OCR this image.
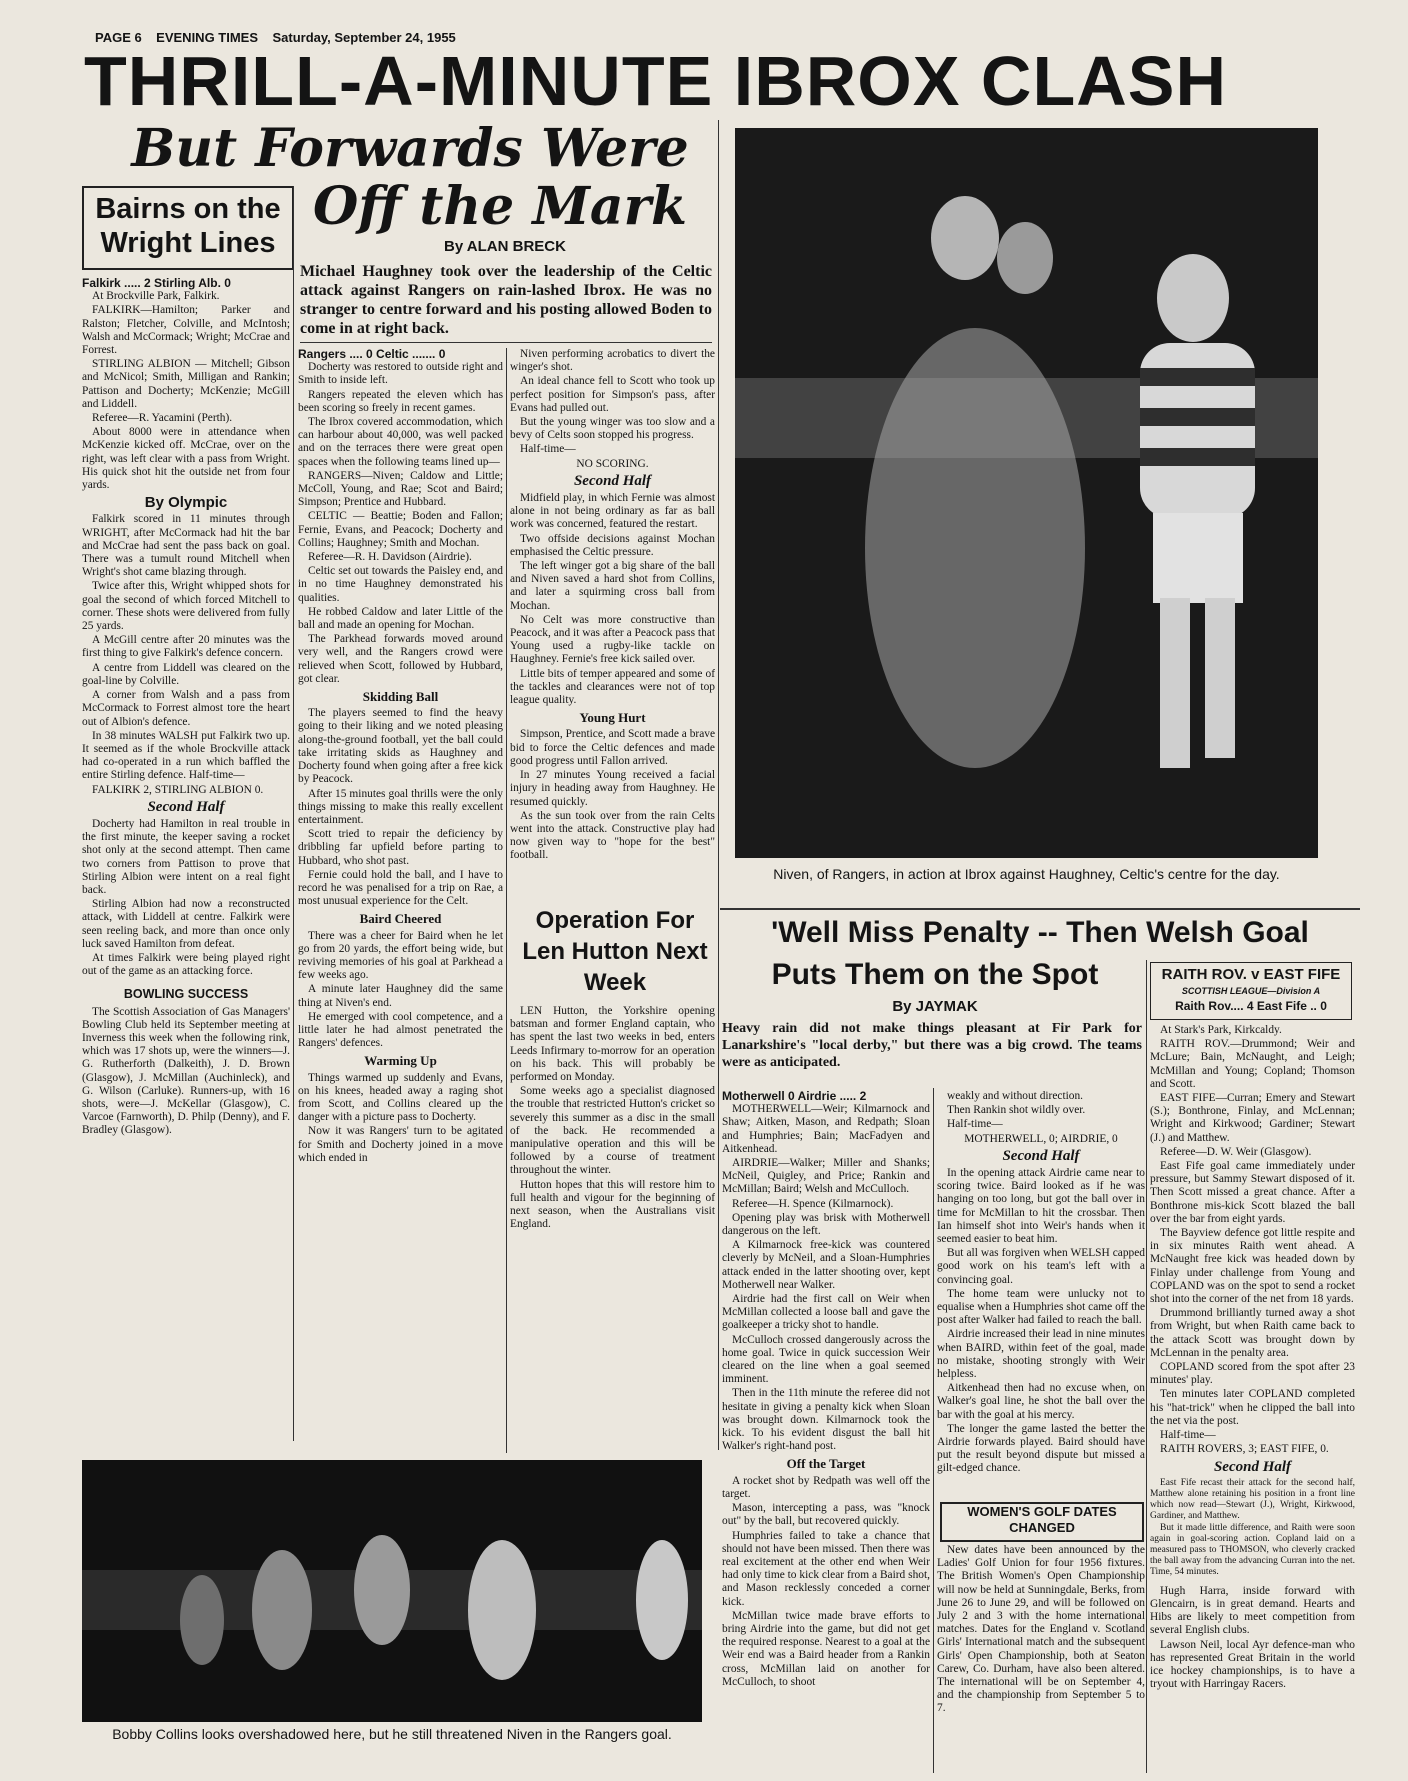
PAGE 6 EVENING TIMES Saturday, September 24, 1955
THRILL-A-MINUTE IBROX CLASH
But Forwards Were
Off the Mark
Bairns on the
Wright Lines
Falkirk ..... 2 Stirling Alb. 0

At Brockville Park, Falkirk.

FALKIRK—Hamilton; Parker and Ralston; Fletcher, Colville, and McIntosh; Walsh and McCormack; Wright; McCrae and Forrest.

STIRLING ALBION — Mitchell; Gibson and McNicol; Smith, Milligan and Rankin; Pattison and Docherty; McKenzie; McGill and Liddell.

Referee—R. Yacamini (Perth).

About 8000 were in attendance when McKenzie kicked off. McCrae, over on the right, was left clear with a pass from Wright. His quick shot hit the outside net from four yards.

By Olympic

Falkirk scored in 11 minutes through WRIGHT, after McCormack had hit the bar and McCrae had sent the pass back on goal. There was a tumult round Mitchell when Wright's shot came blazing through.

Twice after this, Wright whipped shots for goal the second of which forced Mitchell to corner. These shots were delivered from fully 25 yards.

A McGill centre after 20 minutes was the first thing to give Falkirk's defence concern.

A centre from Liddell was cleared on the goal-line by Colville.

A corner from Walsh and a pass from McCormack to Forrest almost tore the heart out of Albion's defence.

In 38 minutes WALSH put Falkirk two up. It seemed as if the whole Brockville attack had co-operated in a run which baffled the entire Stirling defence. Half-time—

FALKIRK 2, STIRLING ALBION 0.

Second Half

Docherty had Hamilton in real trouble in the first minute, the keeper saving a rocket shot only at the second attempt. Then came two corners from Pattison to prove that Stirling Albion were intent on a real fight back.

Stirling Albion had now a reconstructed attack, with Liddell at centre. Falkirk were seen reeling back, and more than once only luck saved Hamilton from defeat.

At times Falkirk were being played right out of the game as an attacking force.

BOWLING SUCCESS

The Scottish Association of Gas Managers' Bowling Club held its September meeting at Inverness this week when the following rink, which was 17 shots up, were the winners—J. G. Rutherforth (Dalkeith), J. D. Brown (Glasgow), J. McMillan (Auchinleck), and G. Wilson (Carluke). Runners-up, with 16 shots, were—J. McKellar (Glasgow), C. Varcoe (Farnworth), D. Philp (Denny), and F. Bradley (Glasgow).

By ALAN BRECK
Michael Haughney took over the leadership of the Celtic attack against Rangers on rain-lashed Ibrox. He was no stranger to centre forward and his posting allowed Boden to come in at right back.
Rangers .... 0 Celtic ....... 0

Docherty was restored to outside right and Smith to inside left.

Rangers repeated the eleven which has been scoring so freely in recent games.

The Ibrox covered accommodation, which can harbour about 40,000, was well packed and on the terraces there were great open spaces when the following teams lined up—

RANGERS—Niven; Caldow and Little; McColl, Young, and Rae; Scot and Baird; Simpson; Prentice and Hubbard.

CELTIC — Beattie; Boden and Fallon; Fernie, Evans, and Peacock; Docherty and Collins; Haughney; Smith and Mochan.

Referee—R. H. Davidson (Airdrie).

Celtic set out towards the Paisley end, and in no time Haughney demonstrated his qualities.

He robbed Caldow and later Little of the ball and made an opening for Mochan.

The Parkhead forwards moved around very well, and the Rangers crowd were relieved when Scott, followed by Hubbard, got clear.

Skidding Ball

The players seemed to find the heavy going to their liking and we noted pleasing along-the-ground football, yet the ball could take irritating skids as Haughney and Docherty found when going after a free kick by Peacock.

After 15 minutes goal thrills were the only things missing to make this really excellent entertainment.

Scott tried to repair the deficiency by dribbling far upfield before parting to Hubbard, who shot past.

Fernie could hold the ball, and I have to record he was penalised for a trip on Rae, a most unusual experience for the Celt.

Baird Cheered

There was a cheer for Baird when he let go from 20 yards, the effort being wide, but reviving memories of his goal at Parkhead a few weeks ago.

A minute later Haughney did the same thing at Niven's end.

He emerged with cool competence, and a little later he had almost penetrated the Rangers' defences.

Warming Up

Things warmed up suddenly and Evans, on his knees, headed away a raging shot from Scott, and Collins cleared up the danger with a picture pass to Docherty.

Now it was Rangers' turn to be agitated for Smith and Docherty joined in a move which ended in

Niven performing acrobatics to divert the winger's shot.

An ideal chance fell to Scott who took up perfect position for Simpson's pass, after Evans had pulled out.

But the young winger was too slow and a bevy of Celts soon stopped his progress.

Half-time—

NO SCORING.

Second Half

Midfield play, in which Fernie was almost alone in not being ordinary as far as ball work was concerned, featured the restart.

Two offside decisions against Mochan emphasised the Celtic pressure.

The left winger got a big share of the ball and Niven saved a hard shot from Collins, and later a squirming cross ball from Mochan.

No Celt was more constructive than Peacock, and it was after a Peacock pass that Young used a rugby-like tackle on Haughney. Fernie's free kick sailed over.

Little bits of temper appeared and some of the tackles and clearances were not of top league quality.

Young Hurt

Simpson, Prentice, and Scott made a brave bid to force the Celtic defences and made good progress until Fallon arrived.

In 27 minutes Young received a facial injury in heading away from Haughney. He resumed quickly.

As the sun took over from the rain Celts went into the attack. Constructive play had now given way to "hope for the best" football.

Niven, of Rangers, in action at Ibrox against Haughney, Celtic's centre for the day.
Operation For Len Hutton Next Week

LEN Hutton, the Yorkshire opening batsman and former England captain, who has spent the last two weeks in bed, enters Leeds Infirmary to-morrow for an operation on his back. This will probably be performed on Monday.

Some weeks ago a specialist diagnosed the trouble that restricted Hutton's cricket so severely this summer as a disc in the small of the back. He recommended a manipulative operation and this will be followed by a course of treatment throughout the winter.

Hutton hopes that this will restore him to full health and vigour for the beginning of next season, when the Australians visit England.

'Well Miss Penalty -- Then Welsh Goal
Puts Them on the Spot
By JAYMAK
Heavy rain did not make things pleasant at Fir Park for Lanarkshire's "local derby," but there was a big crowd. The teams were as anticipated.
Motherwell 0 Airdrie ..... 2

MOTHERWELL—Weir; Kilmarnock and Shaw; Aitken, Mason, and Redpath; Sloan and Humphries; Bain; MacFadyen and Aitkenhead.

AIRDRIE—Walker; Miller and Shanks; McNeil, Quigley, and Price; Rankin and McMillan; Baird; Welsh and McCulloch.

Referee—H. Spence (Kilmarnock).

Opening play was brisk with Motherwell dangerous on the left.

A Kilmarnock free-kick was countered cleverly by McNeil, and a Sloan-Humphries attack ended in the latter shooting over, kept Motherwell near Walker.

Airdrie had the first call on Weir when McMillan collected a loose ball and gave the goalkeeper a tricky shot to handle.

McCulloch crossed dangerously across the home goal. Twice in quick succession Weir cleared on the line when a goal seemed imminent.

Then in the 11th minute the referee did not hesitate in giving a penalty kick when Sloan was brought down. Kilmarnock took the kick. To his evident disgust the ball hit Walker's right-hand post.

Off the Target

A rocket shot by Redpath was well off the target.

Mason, intercepting a pass, was "knock out" by the ball, but recovered quickly.

Humphries failed to take a chance that should not have been missed. Then there was real excitement at the other end when Weir had only time to kick clear from a Baird shot, and Mason recklessly conceded a corner kick.

McMillan twice made brave efforts to bring Airdrie into the game, but did not get the required response. Nearest to a goal at the Weir end was a Baird header from a Rankin cross, McMillan laid on another for McCulloch, to shoot

weakly and without direction.

Then Rankin shot wildly over.

Half-time—

MOTHERWELL, 0; AIRDRIE, 0

Second Half

In the opening attack Airdrie came near to scoring twice. Baird looked as if he was hanging on too long, but got the ball over in time for McMillan to hit the crossbar. Then Ian himself shot into Weir's hands when it seemed easier to beat him.

But all was forgiven when WELSH capped good work on his team's left with a convincing goal.

The home team were unlucky not to equalise when a Humphries shot came off the post after Walker had failed to reach the ball.

Airdrie increased their lead in nine minutes when BAIRD, within feet of the goal, made no mistake, shooting strongly with Weir helpless.

Aitkenhead then had no excuse when, on Walker's goal line, he shot the ball over the bar with the goal at his mercy.

The longer the game lasted the better the Airdrie forwards played. Baird should have put the result beyond dispute but missed a gilt-edged chance.

WOMEN'S GOLF DATES
CHANGED

New dates have been announced by the Ladies' Golf Union for four 1956 fixtures. The British Women's Open Championship will now be held at Sunningdale, Berks, from June 26 to June 29, and will be followed on July 2 and 3 with the home international matches. Dates for the England v. Scotland Girls' International match and the subsequent Girls' Open Championship, both at Seaton Carew, Co. Durham, have also been altered. The international will be on September 4, and the championship from September 5 to 7.

RAITH ROV. v EAST FIFE
SCOTTISH LEAGUE—Division A
Raith Rov.... 4 East Fife .. 0

At Stark's Park, Kirkcaldy.

RAITH ROV.—Drummond; Weir and McLure; Bain, McNaught, and Leigh; McMillan and Young; Copland; Thomson and Scott.

EAST FIFE—Curran; Emery and Stewart (S.); Bonthrone, Finlay, and McLennan; Wright and Kirkwood; Gardiner; Stewart (J.) and Matthew.

Referee—D. W. Weir (Glasgow).

East Fife goal came immediately under pressure, but Sammy Stewart disposed of it. Then Scott missed a great chance. After a Bonthrone mis-kick Scott blazed the ball over the bar from eight yards.

The Bayview defence got little respite and in six minutes Raith went ahead. A McNaught free kick was headed down by Finlay under challenge from Young and COPLAND was on the spot to send a rocket shot into the corner of the net from 18 yards.

Drummond brilliantly turned away a shot from Wright, but when Raith came back to the attack Scott was brought down by McLennan in the penalty area.

COPLAND scored from the spot after 23 minutes' play.

Ten minutes later COPLAND completed his "hat-trick" when he clipped the ball into the net via the post.

Half-time—

RAITH ROVERS, 3; EAST FIFE, 0.

Second Half

East Fife recast their attack for the second half, Matthew alone retaining his position in a front line which now read—Stewart (J.), Wright, Kirkwood, Gardiner, and Matthew.

But it made little difference, and Raith were soon again in goal-scoring action. Copland laid on a measured pass to THOMSON, who cleverly cracked the ball away from the advancing Curran into the net. Time, 54 minutes.

Hugh Harra, inside forward with Glencairn, is in great demand. Hearts and Hibs are likely to meet competition from several English clubs.

Lawson Neil, local Ayr defence-man who has represented Great Britain in the world ice hockey championships, is to have a tryout with Harringay Racers.

Bobby Collins looks overshadowed here, but he still threatened Niven in the Rangers goal.
